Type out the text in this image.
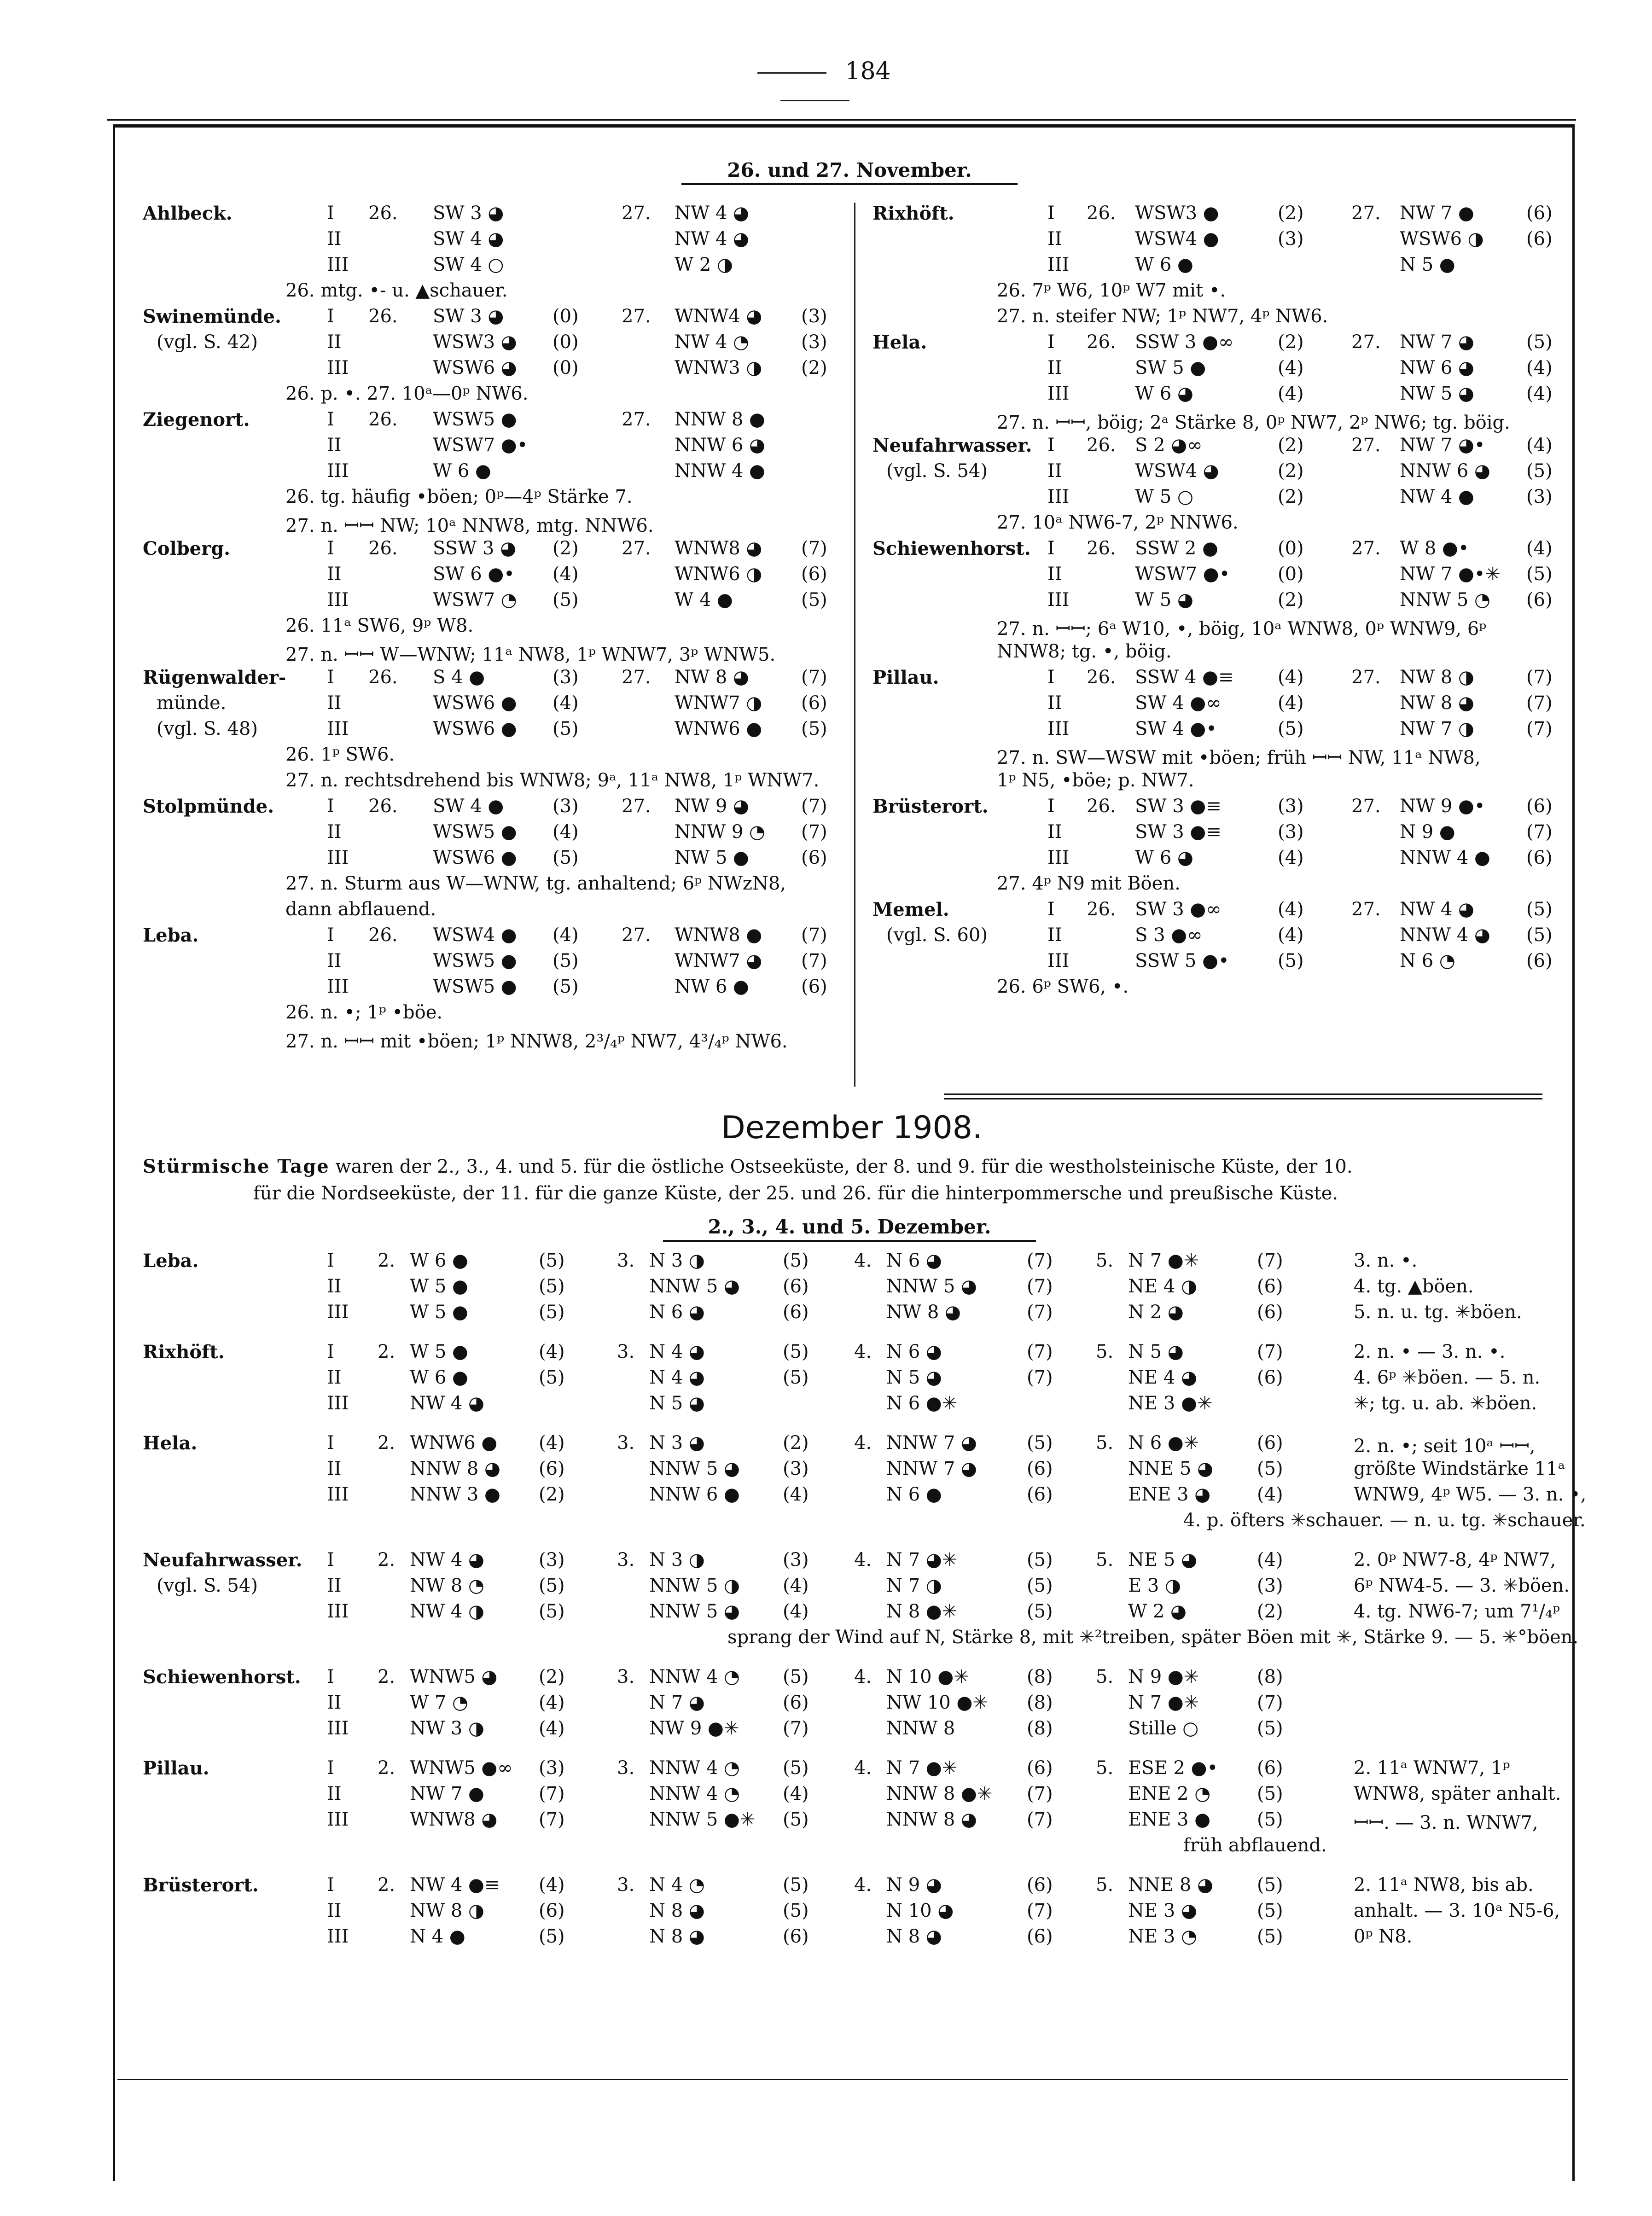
184
26. und 27. November.
Ahlbeck.	I 26. SW 3 ◕	27. NW 4 ◕
II	SW 4 ◕	NW 4 ◕
III	SW 4 ○	W 2 ◑
26. mtg. •- u. ▲schauer.
Swinemünde. I 26. SW 3 ◕	(0) 27. WNW4 ◕ (3)
(vgl. S. 42)	II	WSW3 ◕ (0)	NW 4 ◔	(3)
III	WSW6 ◕ (0)	WNW3 ◑ (2)
26. p. •. 27. 10ᵃ—0ᵖ NW6.
Ziegenort.	I 26. WSW5 ●	27. NNW 8 ●
II	WSW7 ●•	NNW 6 ◕
III	W 6 ●	NNW 4 ●
26. tg. häufig •böen; 0ᵖ—4ᵖ Stärke 7.
27. n. ꟷꟷ NW; 10ᵃ NNW8, mtg. NNW6.
Colberg.	I 26. SSW 3 ◕ (2) 27. WNW8 ◕ (7)
II	SW 6 ●• (4)	WNW6 ◑ (6)
III	WSW7 ◔ (5)	W 4 ●	(5)
26. 11ᵃ SW6, 9ᵖ W8.
27. n. ꟷꟷ W—WNW; 11ᵃ NW8, 1ᵖ WNW7, 3ᵖ WNW5.
Rügenwalder- I 26. S 4 ●	(3) 27. NW 8 ◕	(7)
münde.	II	WSW6 ● (4)	WNW7 ◑ (6)
(vgl. S. 48)	III	WSW6 ● (5)	WNW6 ● (5)
26. 1ᵖ SW6.
27. n. rechtsdrehend bis WNW8; 9ᵃ, 11ᵃ NW8, 1ᵖ WNW7.
Stolpmünde.	I 26. SW 4 ●	(3) 27. NW 9 ◕	(7)
II	WSW5 ● (4)	NNW 9 ◔ (7)
III	WSW6 ● (5)	NW 5 ●	(6)
27. n. Sturm aus W—WNW, tg. anhaltend; 6ᵖ NWzN8,
dann abflauend.
Leba.	I 26. WSW4 ● (4) 27. WNW8 ● (7)
II	WSW5 ● (5)	WNW7 ◕ (7)
III	WSW5 ● (5)	NW 6 ●	(6)
26. n. •; 1ᵖ •böe.
27. n. ꟷꟷ mit •böen; 1ᵖ NNW8, 2³/₄ᵖ NW7, 4³/₄ᵖ NW6.
Rixhöft.	I 26. WSW3 ●	(2)	27. NW 7 ●	(6)
II	WSW4 ●	(3)	WSW6 ◑ (6)
III	W 6 ●	N 5 ●
26. 7ᵖ W6, 10ᵖ W7 mit •.
27. n. steifer NW; 1ᵖ NW7, 4ᵖ NW6.
Hela.	I 26. SSW 3 ●∞ (2)	27. NW 7 ◕	(5)
II	SW 5 ●	(4)	NW 6 ◕	(4)
III	W 6 ◕	(4)	NW 5 ◕	(4)
27. n. ꟷꟷ, böig; 2ᵃ Stärke 8, 0ᵖ NW7, 2ᵖ NW6; tg. böig.
Neufahrwasser. I 26. S 2 ◕∞	(2)	27. NW 7 ◕• (4)
(vgl. S. 54)	II	WSW4 ◕	(2)	NNW 6 ◕ (5)
III	W 5 ○	(2)	NW 4 ●	(3)
27. 10ᵃ NW6-7, 2ᵖ NNW6.
Schiewenhorst. I 26. SSW 2 ●	(0)	27. W 8 ●•	(4)
II	WSW7 ●•	(0)	NW 7 ●•✳ (5)
III	W 5 ◕	(2)	NNW 5 ◔ (6)
27. n. ꟷꟷ; 6ᵃ W10, •, böig, 10ᵃ WNW8, 0ᵖ WNW9, 6ᵖ
NNW8; tg. •, böig.
Pillau.	I 26. SSW 4 ●≡ (4)	27. NW 8 ◑	(7)
II	SW 4 ●∞	(4)	NW 8 ◕	(7)
III	SW 4 ●•	(5)	NW 7 ◑	(7)
27. n. SW—WSW mit •böen; früh ꟷꟷ NW, 11ᵃ NW8,
1ᵖ N5, •böe; p. NW7.
Brüsterort.	I 26. SW 3 ●≡	(3)	27. NW 9 ●• (6)
II	SW 3 ●≡	(3)	N 9 ●	(7)
III	W 6 ◕	(4)	NNW 4 ● (6)
27. 4ᵖ N9 mit Böen.
Memel.	I 26. SW 3 ●∞	(4)	27. NW 4 ◕	(5)
(vgl. S. 60)	II	S 3 ●∞	(4)	NNW 4 ◕ (5)
III	SSW 5 ●•	(5)	N 6 ◔	(6)
26. 6ᵖ SW6, •.
Dezember 1908.
Stürmische Tage waren der 2., 3., 4. und 5. für die östliche Ostseeküste, der 8. und 9. für die westholsteinische Küste, der 10.
für die Nordseeküste, der 11. für die ganze Küste, der 25. und 26. für die hinterpommersche und preußische Küste.
2., 3., 4. und 5. Dezember.
Leba.	I 2. W 6 ●	(5)	3. N 3 ◑	(5) 4. N 6 ◕	(7) 5. N 7 ●✳	(7)	3. n. •.
II	W 5 ●	(5)	NNW 5 ◕ (6)	NNW 5 ◕	(7)	NE 4 ◑	(6)	4. tg. ▲böen.
III	W 5 ●	(5)	N 6 ◕	(6)	NW 8 ◕	(7)	N 2 ◕	(6)	5. n. u. tg. ✳böen.
Rixhöft.	I 2. W 5 ●	(4)	3. N 4 ◕	(5) 4. N 6 ◕	(7) 5. N 5 ◕	(7)	2. n. • — 3. n. •.
II	W 6 ●	(5)	N 4 ◕	(5)	N 5 ◕	(7)	NE 4 ◕	(6)	4. 6ᵖ ✳böen. — 5. n.
III	NW 4 ◕	N 5 ◕	N 6 ●✳	NE 3 ●✳	✳; tg. u. ab. ✳böen.
Hela.	I 2. WNW6 ● (4)	3. N 3 ◕	(2) 4. NNW 7 ◕	(5) 5. N 6 ●✳	(6)	2. n. •; seit 10ᵃ ꟷꟷ,
II	NNW 8 ◕ (6)	NNW 5 ◕ (3)	NNW 7 ◕	(6)	NNE 5 ◕ (5)	größte Windstärke 11ᵃ
III	NNW 3 ● (2)	NNW 6 ● (4)	N 6 ●	(6)	ENE 3 ◕	(4)	WNW9, 4ᵖ W5. — 3. n. •,
4. p. öfters ✳schauer. — n. u. tg. ✳schauer.
Neufahrwasser. I 2. NW 4 ◕	(3)	3. N 3 ◑	(3) 4. N 7 ◕✳	(5) 5. NE 5 ◕	(4)	2. 0ᵖ NW7-8, 4ᵖ NW7,
(vgl. S. 54)	II	NW 8 ◔	(5)	NNW 5 ◑ (4)	N 7 ◑	(5)	E 3 ◑	(3)	6ᵖ NW4-5. — 3. ✳böen.
III	NW 4 ◑	(5)	NNW 5 ◕ (4)	N 8 ●✳	(5)	W 2 ◕	(2)	4. tg. NW6-7; um 7¹/₄ᵖ
sprang der Wind auf N, Stärke 8, mit ✳²treiben, später Böen mit ✳, Stärke 9. — 5. ✳°böen.
Schiewenhorst. I 2. WNW5 ◕ (2)	3. NNW 4 ◔ (5) 4. N 10 ●✳	(8) 5. N 9 ●✳	(8)
II	W 7 ◔	(4)	N 7 ◕	(6)	NW 10 ●✳ (8)	N 7 ●✳	(7)
III	NW 3 ◑	(4)	NW 9 ●✳ (7)	NNW 8	(8)	Stille ○	(5)
Pillau.	I 2. WNW5 ●∞ (3)	3. NNW 4 ◔ (5) 4. N 7 ●✳	(6) 5. ESE 2 ●• (6)	2. 11ᵃ WNW7, 1ᵖ
II	NW 7 ●	(7)	NNW 4 ◔ (4)	NNW 8 ●✳ (7)	ENE 2 ◔	(5)	WNW8, später anhalt.
III	WNW8 ◕ (7)	NNW 5 ●✳ (5)	NNW 8 ◕	(7)	ENE 3 ●	(5)	ꟷꟷ. — 3. n. WNW7,
früh abflauend.
Brüsterort.	I 2. NW 4 ●≡ (4)	3. N 4 ◔	(5) 4. N 9 ◕	(6) 5. NNE 8 ◕ (5)	2. 11ᵃ NW8, bis ab.
II	NW 8 ◑	(6)	N 8 ◕	(5)	N 10 ◕	(7)	NE 3 ◕	(5)	anhalt. — 3. 10ᵃ N5-6,
III	N 4 ●	(5)	N 8 ◕	(6)	N 8 ◕	(6)	NE 3 ◔	(5)	0ᵖ N8.
